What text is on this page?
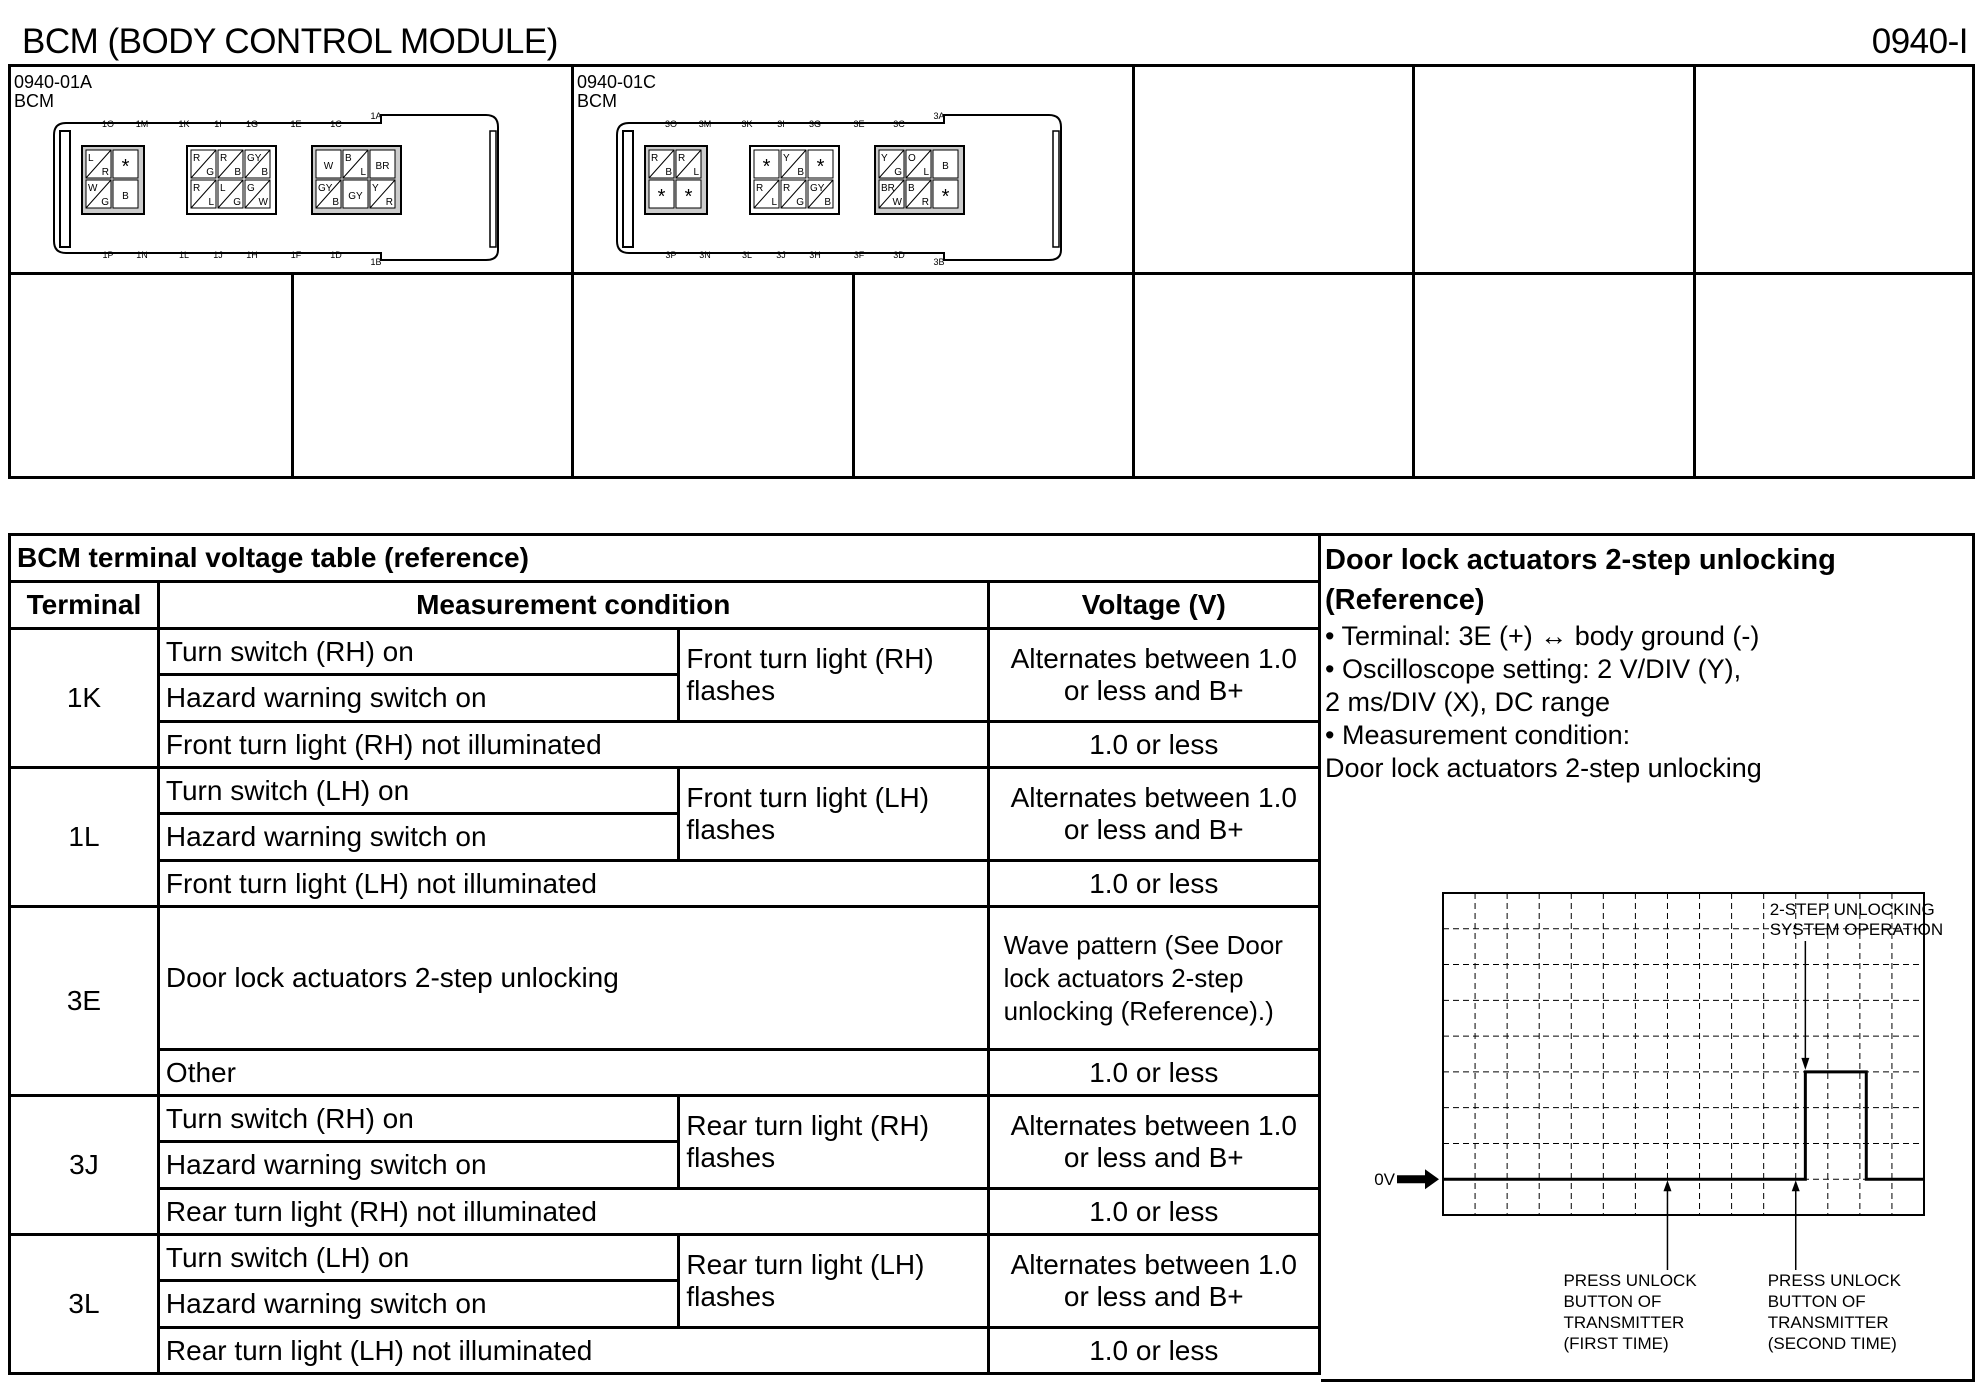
BCM (BODY CONTROL MODULE)	0940-I
0940-01A
BCM
1O 1M	1K	1I	1G	1E	1C
1A
1P	1N	1L	1J	1H	1F	1D
1B
L
R *
W
G
B
R
G
R
B
GY
B
R
L
L
G
G
W
W
B
L
BR
GY
B
GY
Y
R
0940-01C
BCM
3O 3M	3K	3I	3G	3E	3C
3A
3P	3N	3L	3J	3H	3F	3D
3B
R
B
R
L
* *
* Y
B *
R
L
R
G
GY
B
Y
G
O
L
B
BR
W
B
R *
BCM terminal voltage table (reference)			
Terminal	Measurement condition		Voltage (V)
1K	Turn switch (RH) on	Front turn light (RH) flashes	Alternates between 1.0 or less and B+
	Hazard warning switch on		
	Front turn light (RH) not illuminated		1.0 or less
1L	Turn switch (LH) on	Front turn light (LH) flashes	Alternates between 1.0 or less and B+
	Hazard warning switch on		
	Front turn light (LH) not illuminated		1.0 or less
3E	Door lock actuators 2-step unlocking		Wave pattern (See Door lock actuators 2-step unlocking (Reference).)
	Other		1.0 or less
3J	Turn switch (RH) on	Rear turn light (RH) flashes	Alternates between 1.0 or less and B+
	Hazard warning switch on		
	Rear turn light (RH) not illuminated		1.0 or less
3L	Turn switch (LH) on	Rear turn light (LH) flashes	Alternates between 1.0 or less and B+
	Hazard warning switch on		
	Rear turn light (LH) not illuminated		1.0 or less
Door lock actuators 2-step unlocking (Reference)
• Terminal: 3E (+) ↔ body ground (-)
• Oscilloscope setting: 2 V/DIV (Y),
2 ms/DIV (X), DC range
• Measurement condition:
Door lock actuators 2-step unlocking
0V
2-STEP UNLOCKING
SYSTEM OPERATION
PRESS UNLOCK
BUTTON OF
TRANSMITTER
(FIRST TIME)
PRESS UNLOCK
BUTTON OF
TRANSMITTER
(SECOND TIME)
